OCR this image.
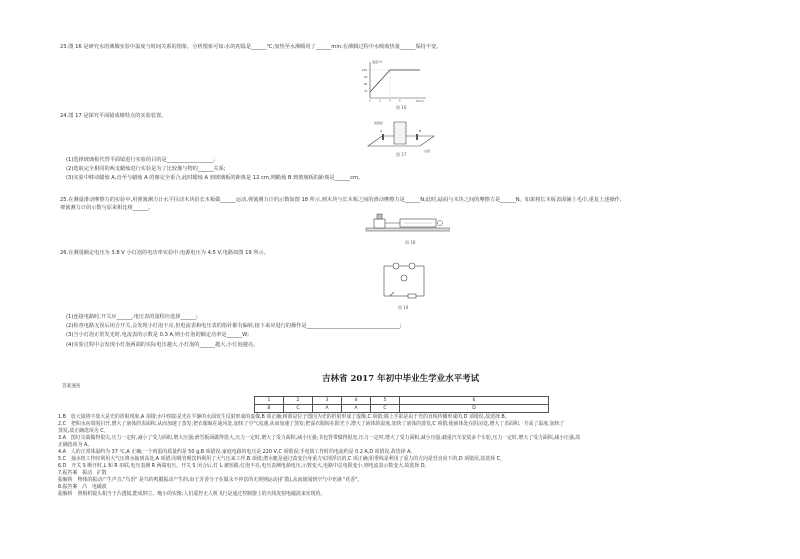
23.图 16 是研究水的沸腾实验中温度与时间关系的图象。分析图象可知:水的初温是______℃;加热至水沸腾用了______min;在沸腾过程中水吸收热量______保持不变。
温度/℃
t/min
100
90
80
70
0	2	4	6
图 16
24.图 17 是探究平面镜成像特点的实验装置。
玻璃板
A	B
白纸
图 17
(1)选择玻璃板代替平面镜进行实验的目的是__________________;
(2)选取完全相同的两支蜡烛进行实验是为了比较像与物的______关系;
(3)实验中移动蜡烛 A,直至与蜡烛 A 的像完全重合,此时蜡烛 A 到玻璃板的距离是 12 cm,则蜡烛 B 到玻璃板的距离是______cm。
25.在测量滑动摩擦力的实验中,用弹簧测力计水平拉动木块沿长木板做______运动,弹簧测力计的示数如图 18 所示,则木块与长木板之间的滑动摩擦力是______N;此时,砝码与木块之间的摩擦力是______N。如果将长木板表面铺上毛巾,重复上述操作,
弹簧测力计的示数与原来相比将______。
图 18
26.在测量额定电压为 3.8 V 小灯泡的电功率实验中,电源电压为 4.5 V,电路如图 19 所示。
图 19
(1)连接电路时,开关应______,电压表的量程应选择______;
(2)检查电路无误后闭合开关,会发现小灯泡不亮,但电流表和电压表的指针都有偏转,接下来应进行的操作是____________________________________;
(3)当小灯泡正常发光时,电流表的示数是 0.3 A,则小灯泡的额定功率是______W;
(4)实验过程中会发现小灯泡两端的实际电压越大,小灯泡的______越大,小灯泡越亮。
吉林省 2017 年初中毕业生学业水平考试
答案速查
1	2	3	4	5	6
B	C	A	A	C	D
1.B　放大镜将字放大是光的折射现象,A 项错;水中倒影是光在平静的水面发生反射形成的虚像,B 项正确;树荫是位于图因为光的折射形成了虚像,C 项错;墙上手影是由于光的直线传播形成的,D 项错误,故选择 B。
2.C　把积水向周围扫开,增大了液体的表面积,从而加速了蒸发;把衣服晾在通风处,加快了空气流速,从而加速了蒸发;把湿衣服晾在阳光下,增大了液体的温度,加快了液体的蒸发,C 项错;使液体处在阴凉处,增大了表面积、升高了温度,加快了
蒸发,故正确选项为 C。
3.A　图钉尖端做得很尖,压力一定时,减小了受力面积,增大压强;滑雪板面做得很大,压力一定时,增大了受力面积,减小压强;书包背带做得很宽,压力一定时,增大了受力面积,减小压强;载重汽车安装多个车轮,压力一定时,增大了受力面积,减小压强,故
正确选项为 A。
4.A　人的正常体温约为 37 ℃,A 正确;一个鸡蛋的质量约是 50 g,B 项错误;家庭电路的电压是 220 V,C 项错误;手电筒工作时的电流约是 0.2 A,D 项错误,故选择 A。
5.C　抽水机工作时利用大气压将水抽到高处,A 项错;用吸管吸饮料利用了大气压来工作,B 项错;潜水艇是通过改变自身重力实现浮沉的,C 项正确;铅垂线是利用了重力的方向是竖直向下的,D 项错误,故选择 C。
6.D　开关 S 断开时,L 和 R 串联,电压表测 R 两端电压。开关 S 闭合后,灯 L 被短路,灯泡不亮,电压表测电源电压,示数变大,电路中总电阻变小,则电流表示数变大,故选择 D。
7.振答案　振动　扩散
振解析　物体的振动产生声音,"鸟语" 是鸟的鸣膜振动产生的;由于芳香分子在做永不停息的无规则运动(扩散),从而使闻到空气中充满 "花香"。
8.振答案　凸　电磁波
振解析　照相机镜头相当于凸透镜,能成倒立、缩小的实像;人们遥控无人机飞行是通过控制器上的天线发射电磁波来实现的。
